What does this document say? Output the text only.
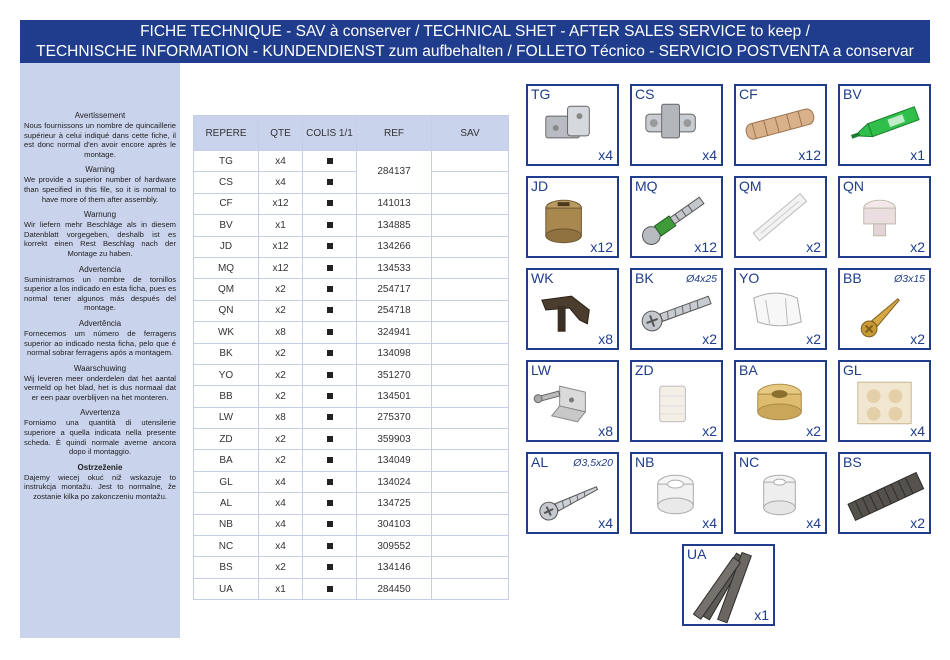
FICHE TECHNIQUE - SAV à conserver / TECHNICAL SHET - AFTER SALES SERVICE to keep /
TECHNISCHE INFORMATION - KUNDENDIENST zum aufbehalten / FOLLETO Técnico - SERVICIO POSTVENTA a conservar
Avertissement
Nous fournissons un nombre de quincaillerie supérieur à celui indiqué dans cette fiche, il est donc normal d'en avoir encore après le montage.
Warning
We provide a superior number of hardware than specified in this file, so it is normal to have more of them after assembly.
Warnung
Wir liefern mehr Beschläge als in diesem Datenblatt vorgegeben, deshalb ist es korrekt einen Rest Beschlag nach der Montage zu haben.
Advertencia
Suministramos un nombre de tornillos superior a los indicado en esta ficha, pues es normal tener algunos más después del montage.
Advertência
Fornecemos um número de ferragens superior ao indicado nesta ficha, pelo que é normal sobrar ferragens após a montagem.
Waarschuwing
Wij leveren meer onderdelen dat het aantal vermeld op het blad, het is dus normaal dat er een paar overblijven na het monteren.
Avvertenza
Forniamo una quantità di utensilerie superiore a quella indicata nella presente scheda. È quindi normale averne ancora dopo il montaggio.
Ostrzeženie
Dajemy wiecej okuć niž wskazuje to instrukcja montažu. Jest to normalne, že zostanie kilka po zakonczeniu montažu.
REPERE	QTE	COLIS 1/1	REF	SAV
TG	x4		284137	
CS	x4			
CF	x12		141013	
BV	x1		134885	
JD	x12		134266	
MQ	x12		134533	
QM	x2		254717	
QN	x2		254718	
WK	x8		324941	
BK	x2		134098	
YO	x2		351270	
BB	x2		134501	
LW	x8		275370	
ZD	x2		359903	
BA	x2		134049	
GL	x4		134024	
AL	x4		134725	
NB	x4		304103	
NC	x4		309552	
BS	x2		134146	
UA	x1		284450	
TG
x4
CS
x4
CF
x12
BV
x1
JD
x12
MQ
x12
QM
x2
QN
x2
WK
x8
BK	Ø4x25
x2
YO
x2
BB	Ø3x15
x2
LW
x8
ZD
x2
BA
x2
GL
x4
AL Ø3,5x20
x4
NB
x4
NC
x4
BS
x2
UA
x1
